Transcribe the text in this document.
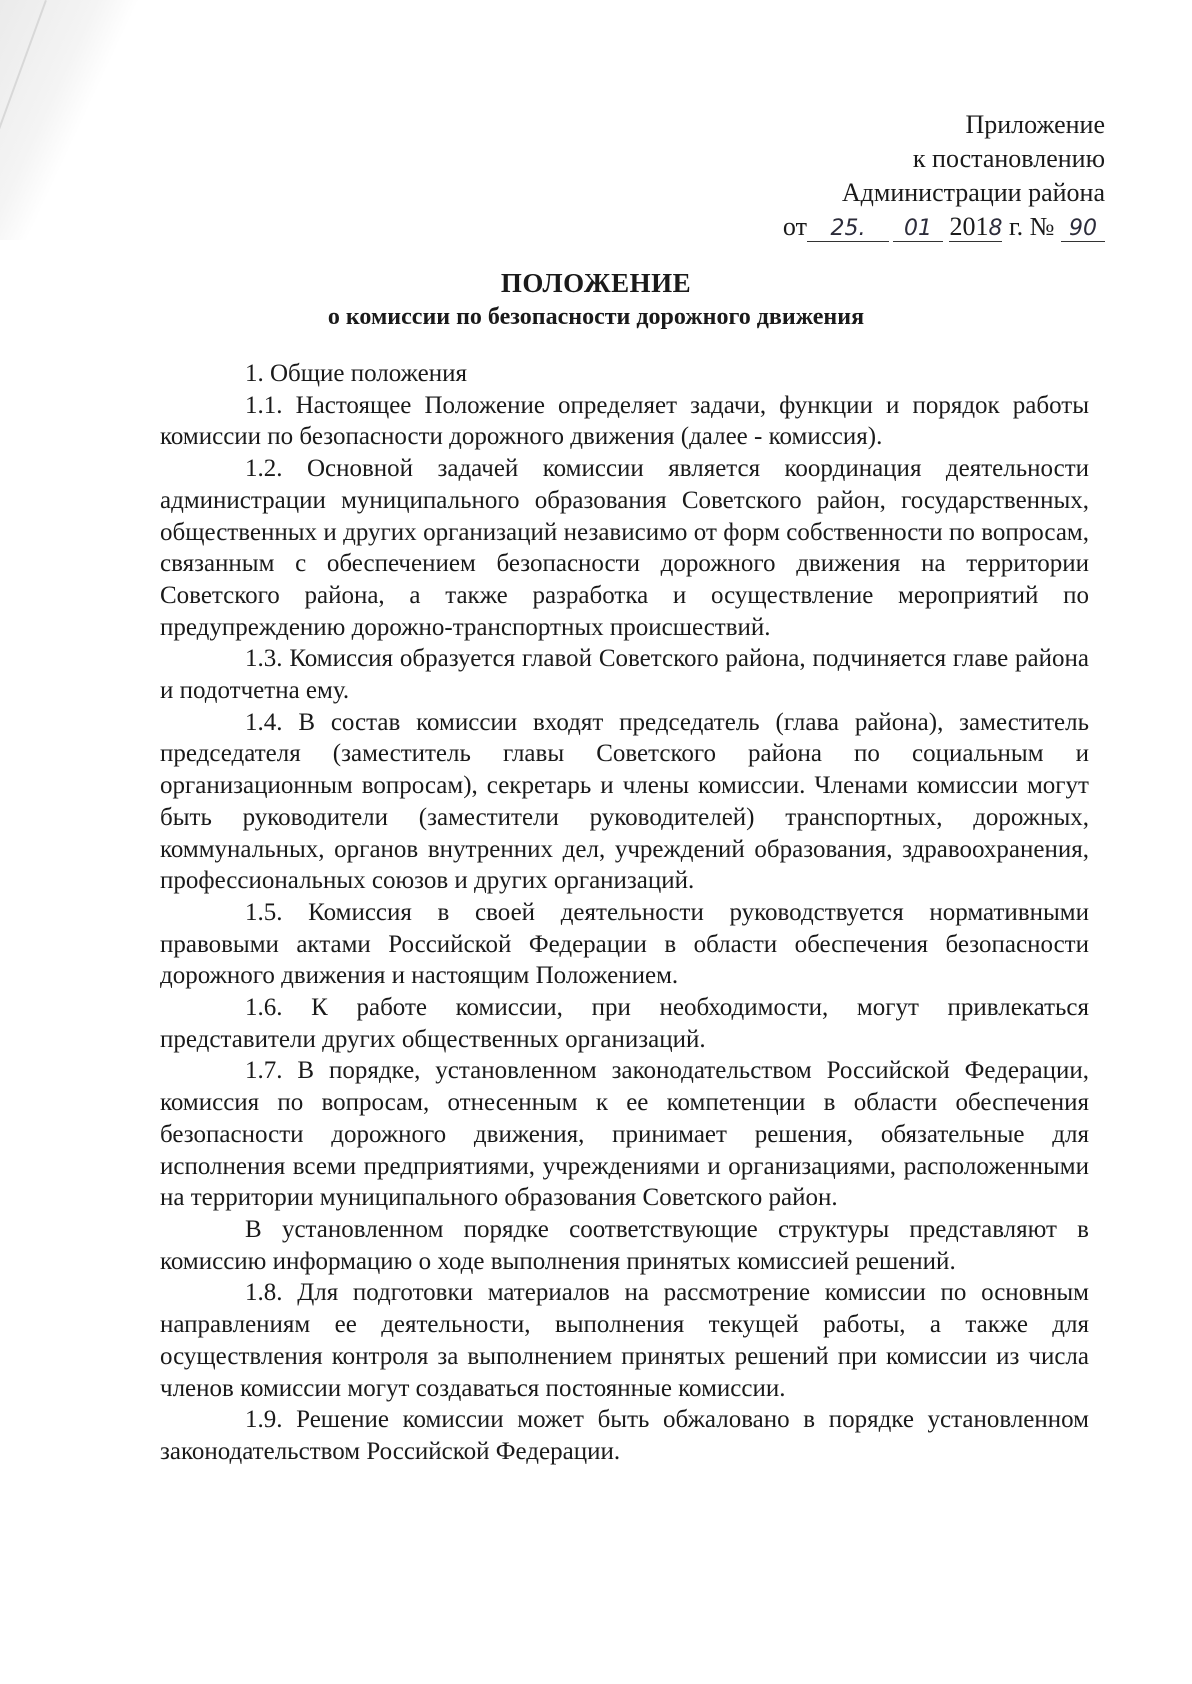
Приложение
к постановлению
Администрации района
от 25. 01 2018 г. № 90
ПОЛОЖЕНИЕ
о комиссии по безопасности дорожного движения
1. Общие положения

1.1. Настоящее Положение определяет задачи, функции и порядок работы комиссии по безопасности дорожного движения (далее - комиссия).

1.2. Основной задачей комиссии является координация деятельности администрации муниципального образования Советского район, государственных, общественных и других организаций независимо от форм собственности по вопросам, связанным с обеспечением безопасности дорожного движения на территории Советского района, а также разработка и осуществление мероприятий по предупреждению дорожно-транспортных происшествий.

1.3. Комиссия образуется главой Советского района, подчиняется главе района и подотчетна ему.

1.4. В состав комиссии входят председатель (глава района), заместитель председателя (заместитель главы Советского района по социальным и организационным вопросам), секретарь и члены комиссии. Членами комиссии могут быть руководители (заместители руководителей) транспортных, дорожных, коммунальных, органов внутренних дел, учреждений образования, здравоохранения, профессиональных союзов и других организаций.

1.5. Комиссия в своей деятельности руководствуется нормативными правовыми актами Российской Федерации в области обеспечения безопасности дорожного движения и настоящим Положением.

1.6. К работе комиссии, при необходимости, могут привлекаться представители других общественных организаций.

1.7. В порядке, установленном законодательством Российской Федерации, комиссия по вопросам, отнесенным к ее компетенции в области обеспечения безопасности дорожного движения, принимает решения, обязательные для исполнения всеми предприятиями, учреждениями и организациями, расположенными на территории муниципального образования Советского район.

В установленном порядке соответствующие структуры представляют в комиссию информацию о ходе выполнения принятых комиссией решений.

1.8. Для подготовки материалов на рассмотрение комиссии по основным направлениям ее деятельности, выполнения текущей работы, а также для осуществления контроля за выполнением принятых решений при комиссии из числа членов комиссии могут создаваться постоянные комиссии.

1.9. Решение комиссии может быть обжаловано в порядке установленном законодательством Российской Федерации.
